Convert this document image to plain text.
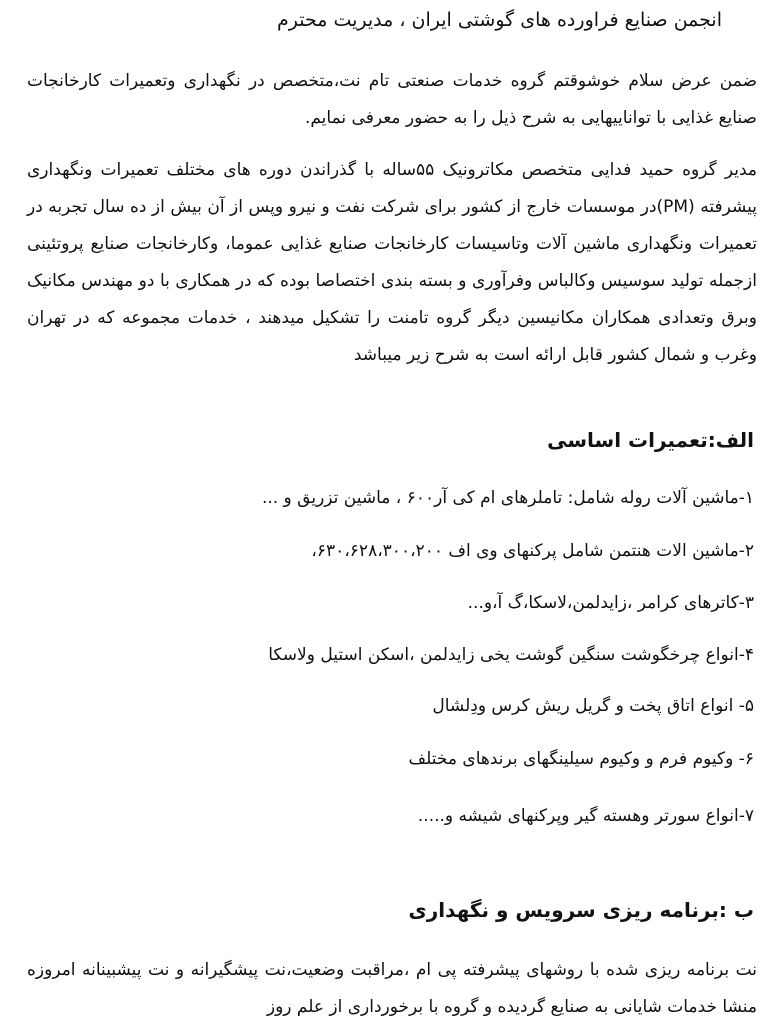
انجمن صنایع فراورده های گوشتی ایران ، مدیریت محترم

ضمن عرض سلام خوشوقتم گروه خدمات صنعتی تام نت،متخصص در نگهداری وتعمیرات کارخانجات صنایع غذایی با تواناییهایی به شرح ذیل را به حضور معرفی نمایم.

مدیر گروه حمید فدایی متخصص مکاترونیک ۵۵ساله با گذراندن دوره های مختلف تعمیرات ونگهداری پیشرفته (PM)در موسسات خارج از کشور برای شرکت نفت و نیرو وپس از آن بیش از ده سال تجربه در تعمیرات ونگهداری ماشین آلات وتاسیسات کارخانجات صنایع غذایی عموما، وکارخانجات صنایع پروتئینی ازجمله تولید سوسیس وکالباس وفرآوری و بسته بندی اختصاصا بوده که در همکاری با دو مهندس مکانیک وبرق وتعدادی همکاران مکانیسین دیگر گروه تامنت را تشکیل میدهند ، خدمات مجموعه که در تهران وغرب و شمال کشور قابل ارائه است به شرح زیر میباشد

الف:تعمیرات اساسی
۱-ماشین آلات روله شامل: تاملرهای ام کی آر۶۰۰ ، ماشین تزریق و ...
۲-ماشین الات هنتمن شامل پرکنهای وی اف ۶۳۰،۶۲۸،۳۰۰،۲۰۰،
۳-کاترهای کرامر ،زایدلمن،لاسکا،گ آ،و...
۴-انواع چرخگوشت سنگین گوشت یخی زایدلمن ،اسکن استیل ولاسکا
۵- انواع اتاق پخت و گریل ریش کرس ودِلشال
۶- وکیوم فرم و وکیوم سیلینگهای برندهای مختلف
۷-انواع سورتر وهسته گیر وپرکنهای شیشه و.....
ب :برنامه ریزی سرویس و نگهداری

نت برنامه ریزی شده با روشهای پیشرفته پی ام ،مراقبت وضعیت،نت پیشگیرانه و نت پیشبینانه امروزه منشا خدمات شایانی به صنایع گردیده و گروه با برخورداری از علم روز
